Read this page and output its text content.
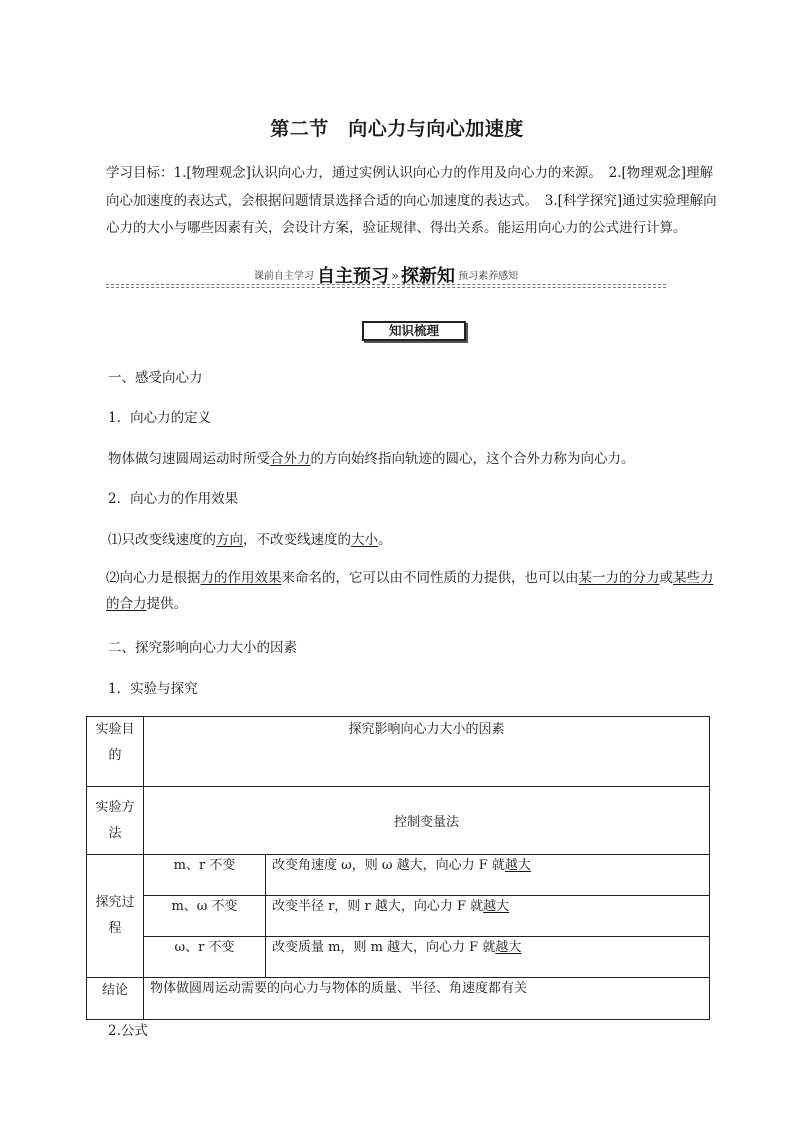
第二节　向心力与向心加速度
学习目标：1.[物理观念]认识向心力，通过实例认识向心力的作用及向心力的来源。　2.[物理观念]理解向心加速度的表达式，会根据问题情景选择合适的向心加速度的表达式。　3.[科学探究]通过实验理解向心力的大小与哪些因素有关，会设计方案，验证规律、得出关系。能运用向心力的公式进行计算。
课前自主学习 自主预习 » 探新知 预习素养感知
知识梳理
一、感受向心力
1．向心力的定义
物体做匀速圆周运动时所受合外力的方向始终指向轨迹的圆心，这个合外力称为向心力。
2．向心力的作用效果
⑴只改变线速度的方向，不改变线速度的大小。
⑵向心力是根据力的作用效果来命名的，它可以由不同性质的力提供，也可以由某一力的分力或某些力的合力提供。
二、探究影响向心力大小的因素
1．实验与探究
实验目的	探究影响向心力大小的因素	
实验方法	控制变量法	
探究过程	m、r 不变	改变角速度 ω，则 ω 越大，向心力 F 就越大
	m、ω 不变	改变半径 r，则 r 越大，向心力 F 就越大
	ω、r 不变	改变质量 m，则 m 越大，向心力 F 就越大
结论	物体做圆周运动需要的向心力与物体的质量、半径、角速度都有关	
2.公式
